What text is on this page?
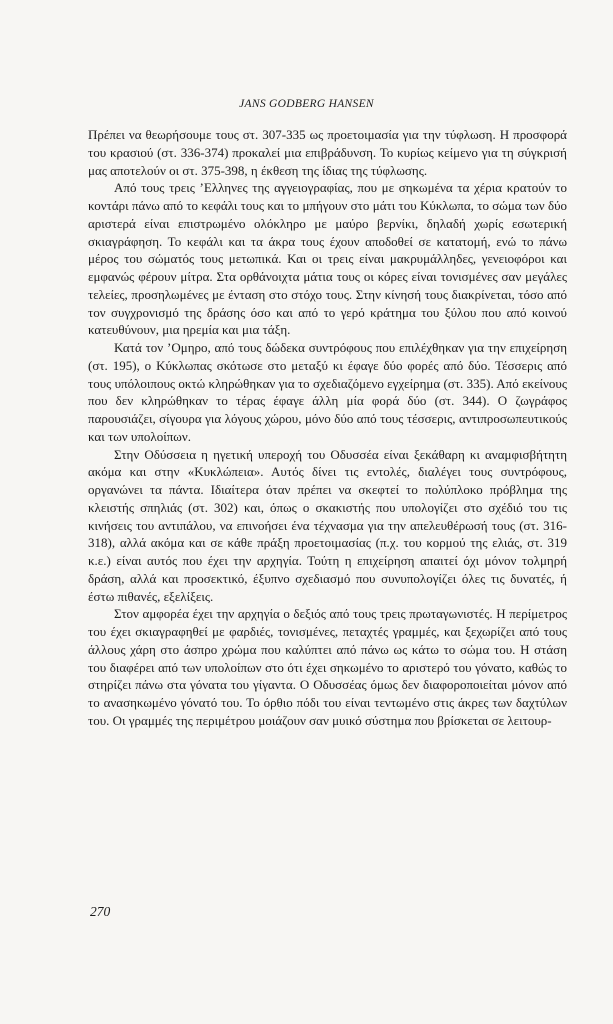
JANS GODBERG HANSEN

Πρέπει να θεωρήσουμε τους στ. 307-335 ως προετοιμασία για την τύφλωση. Η προσφορά του κρασιού (στ. 336-374) προκαλεί μια επιβράδυνση. Το κυρίως κείμενο για τη σύγκρισή μας αποτελούν οι στ. 375-398, η έκθεση της ίδιας της τύφλωσης.

Από τους τρεις ’Ελληνες της αγγειογραφίας, που με σηκωμένα τα χέρια κρατούν το κοντάρι πάνω από το κεφάλι τους και το μπήγουν στο μάτι του Κύκλωπα, το σώμα των δύο αριστερά είναι επιστρωμένο ολόκληρο με μαύρο βερνίκι, δηλαδή χωρίς εσωτερική σκιαγράφηση. Το κεφάλι και τα άκρα τους έχουν αποδοθεί σε κατατομή, ενώ το πάνω μέρος του σώματός τους μετωπικά. Και οι τρεις είναι μακρυμάλληδες, γενειοφόροι και εμφανώς φέρουν μίτρα. Στα ορθάνοιχτα μάτια τους οι κόρες είναι τονισμένες σαν μεγάλες τελείες, προσηλωμένες με ένταση στο στόχο τους. Στην κίνησή τους διακρίνεται, τόσο από τον συγχρονισμό της δράσης όσο και από το γερό κράτημα του ξύλου που από κοινού κατευθύνουν, μια ηρεμία και μια τάξη.

Κατά τον ’Ομηρο, από τους δώδεκα συντρόφους που επιλέχθηκαν για την επιχείρηση (στ. 195), ο Κύκλωπας σκότωσε στο μεταξύ κι έφαγε δύο φορές από δύο. Τέσσερις από τους υπόλοιπους οκτώ κληρώθηκαν για το σχεδιαζόμενο εγχείρημα (στ. 335). Από εκείνους που δεν κληρώθηκαν το τέρας έφαγε άλλη μία φορά δύο (στ. 344). Ο ζωγράφος παρουσιάζει, σίγουρα για λόγους χώρου, μόνο δύο από τους τέσσερις, αντιπροσωπευτικούς και των υπολοίπων.

Στην Οδύσσεια η ηγετική υπεροχή του Οδυσσέα είναι ξεκάθαρη κι αναμφισβήτητη ακόμα και στην «Κυκλώπεια». Αυτός δίνει τις εντολές, διαλέγει τους συντρόφους, οργανώνει τα πάντα. Ιδιαίτερα όταν πρέπει να σκεφτεί το πολύπλοκο πρόβλημα της κλειστής σπηλιάς (στ. 302) και, όπως ο σκακιστής που υπολογίζει στο σχέδιό του τις κινήσεις του αντιπάλου, να επινοήσει ένα τέχνασμα για την απελευθέρωσή τους (στ. 316-318), αλλά ακόμα και σε κάθε πράξη προετοιμασίας (π.χ. του κορμού της ελιάς, στ. 319 κ.ε.) είναι αυτός που έχει την αρχηγία. Τούτη η επιχείρηση απαιτεί όχι μόνον τολμηρή δράση, αλλά και προσεκτικό, έξυπνο σχεδιασμό που συνυπολογίζει όλες τις δυνατές, ή έστω πιθανές, εξελίξεις.

Στον αμφορέα έχει την αρχηγία ο δεξιός από τους τρεις πρωταγωνιστές. Η περίμετρος του έχει σκιαγραφηθεί με φαρδιές, τονισμένες, πεταχτές γραμμές, και ξεχωρίζει από τους άλλους χάρη στο άσπρο χρώμα που καλύπτει από πάνω ως κάτω το σώμα του. Η στάση του διαφέρει από των υπολοίπων στο ότι έχει σηκωμένο το αριστερό του γόνατο, καθώς το στηρίζει πάνω στα γόνατα του γίγαντα. Ο Οδυσσέας όμως δεν διαφοροποιείται μόνον από το ανασηκωμένο γόνατό του. Το όρθιο πόδι του είναι τεντωμένο στις άκρες των δαχτύλων του. Οι γραμμές της περιμέτρου μοιάζουν σαν μυικό σύστημα που βρίσκεται σε λειτουρ-

270
